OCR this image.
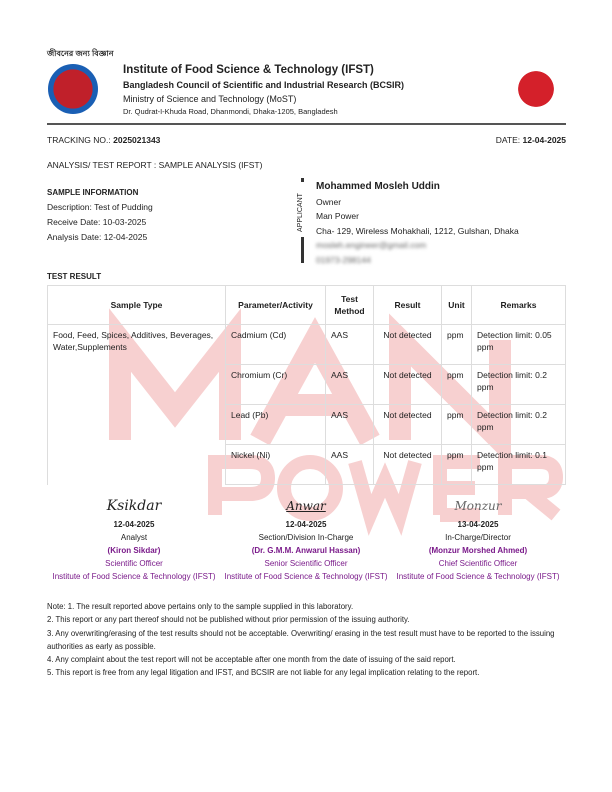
জীবনের জন্য বিজ্ঞান
Institute of Food Science & Technology (IFST)
Bangladesh Council of Scientific and Industrial Research (BCSIR)
Ministry of Science and Technology (MoST)
Dr. Qudrat-I-Khuda Road, Dhanmondi, Dhaka-1205, Bangladesh
TRACKING NO.: 2025021343	DATE: 12-04-2025
ANALYSIS/ TEST REPORT : SAMPLE ANALYSIS (IFST)
SAMPLE INFORMATION
Description: Test of Pudding
Receive Date: 10-03-2025
Analysis Date: 12-04-2025
APPLICANT
Mohammed Mosleh Uddin
Owner
Man Power
Cha- 129, Wireless Mohakhali, 1212, Gulshan, Dhaka
mosleh.engineer@gmail.com
01973-298144
TEST RESULT
Sample Type	Parameter/Activity	Test Method	Result	Unit	Remarks
Food, Feed, Spices, Additives, Beverages, Water,Supplements	Cadmium (Cd)	AAS	Not detected	ppm	Detection limit: 0.05 ppm
	Chromium (Cr)	AAS	Not detected	ppm	Detection limit: 0.2 ppm
	Lead (Pb)	AAS	Not detected	ppm	Detection limit: 0.2 ppm
	Nickel (Ni)	AAS	Not detected	ppm	Detection limit: 0.1 ppm
Ksikdar
12-04-2025
Analyst
(Kiron Sikdar)
Scientific Officer
Institute of Food Science & Technology (IFST)
Anwar
12-04-2025
Section/Division In-Charge
(Dr. G.M.M. Anwarul Hassan)
Senior Scientific Officer
Institute of Food Science & Technology (IFST)
Monzur
13-04-2025
In-Charge/Director
(Monzur Morshed Ahmed)
Chief Scientific Officer
Institute of Food Science & Technology (IFST)
Note: 1. The result reported above pertains only to the sample supplied in this laboratory.
2. This report or any part thereof should not be published without prior permission of the issuing authority.
3. Any overwriting/erasing of the test results should not be acceptable. Overwriting/ erasing in the test result must have to be reported to the issuing authorities as early as possible.
4. Any complaint about the test report will not be acceptable after one month from the date of issuing of the said report.
5. This report is free from any legal litigation and IFST, and BCSIR are not liable for any legal implication relating to the report.
